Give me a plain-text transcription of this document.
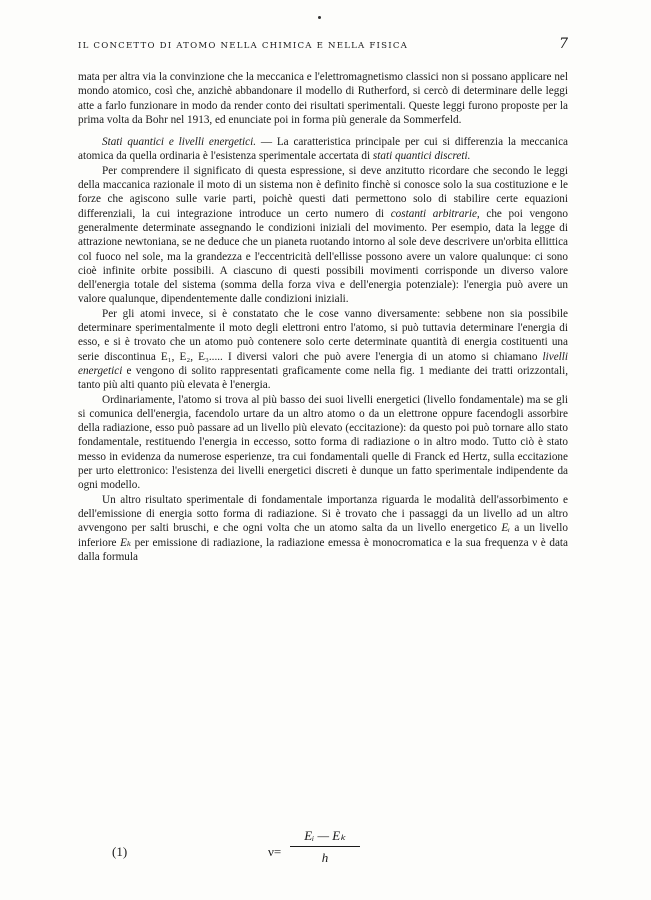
IL CONCETTO DI ATOMO NELLA CHIMICA E NELLA FISICA	7

mata per altra via la convinzione che la meccanica e l'elettromagnetismo classici non si possano applicare nel mondo atomico, così che, anzichè abbandonare il modello di Rutherford, si cercò di determinare delle leggi atte a farlo funzionare in modo da render conto dei risultati sperimentali. Queste leggi furono proposte per la prima volta da Bohr nel 1913, ed enunciate poi in forma più generale da Sommerfeld.

Stati quantici e livelli energetici. — La caratteristica principale per cui si differenzia la meccanica atomica da quella ordinaria è l'esistenza sperimentale accertata di stati quantici discreti.

Per comprendere il significato di questa espressione, si deve anzitutto ricordare che secondo le leggi della maccanica razionale il moto di un sistema non è definito finchè si conosce solo la sua costituzione e le forze che agiscono sulle varie parti, poichè questi dati permettono solo di stabilire certe equazioni differenziali, la cui integrazione introduce un certo numero di costanti arbitrarie, che poi vengono generalmente determinate assegnando le condizioni iniziali del movimento. Per esempio, data la legge di attrazione newtoniana, se ne deduce che un pianeta ruotando intorno al sole deve descrivere un'orbita ellittica col fuoco nel sole, ma la grandezza e l'eccentricità dell'ellisse possono avere un valore qualunque: ci sono cioè infinite orbite possibili. A ciascuno di questi possibili movimenti corrisponde un diverso valore dell'energia totale del sistema (somma della forza viva e dell'energia potenziale): l'energia può avere un valore qualunque, dipendentemente dalle condizioni iniziali.

Per gli atomi invece, si è constatato che le cose vanno diversamente: sebbene non sia possibile determinare sperimentalmente il moto degli elettroni entro l'atomo, si può tuttavia determinare l'energia di esso, e si è trovato che un atomo può contenere solo certe determinate quantità di energia costituenti una serie discontinua E₁, E₂, E₃..... I diversi valori che può avere l'energia di un atomo si chiamano livelli energetici e vengono di solito rappresentati graficamente come nella fig. 1 mediante dei tratti orizzontali, tanto più alti quanto più elevata è l'energia.

Ordinariamente, l'atomo si trova al più basso dei suoi livelli energetici (livello fondamentale) ma se gli si comunica dell'energia, facendolo urtare da un altro atomo o da un elettrone oppure facendogli assorbire della radiazione, esso può passare ad un livello più elevato (eccitazione): da questo poi può tornare allo stato fondamentale, restituendo l'energia in eccesso, sotto forma di radiazione o in altro modo. Tutto ciò è stato messo in evidenza da numerose esperienze, tra cui fondamentali quelle di Franck ed Hertz, sulla eccitazione per urto elettronico: l'esistenza dei livelli energetici discreti è dunque un fatto sperimentale indipendente da ogni modello.

Un altro risultato sperimentale di fondamentale importanza riguarda le modalità dell'assorbimento e dell'emissione di energia sotto forma di radiazione. Si è trovato che i passaggi da un livello ad un altro avvengono per salti bruschi, e che ogni volta che un atomo salta da un livello energetico Eᵢ a un livello inferiore Eₖ per emissione di radiazione, la radiazione emessa è monocromatica e la sua frequenza ν è data dalla formula

(1)	ν=
Eᵢ — Eₖ
h
